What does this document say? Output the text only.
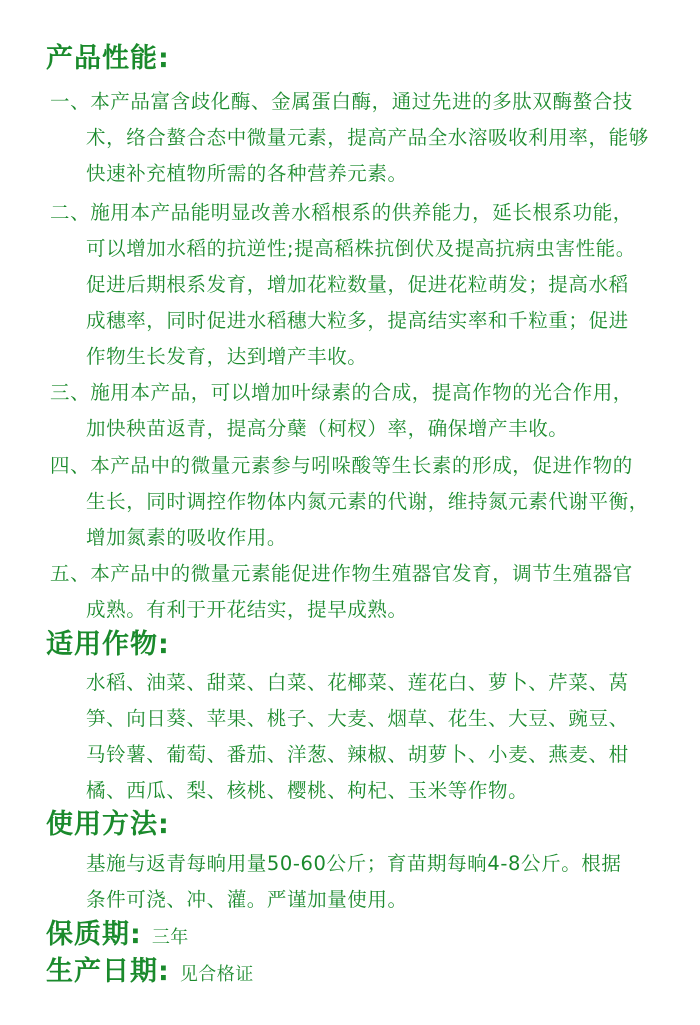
产品性能:
一、本产品富含歧化酶、金属蛋白酶，通过先进的多肽双酶螯合技
术，络合螯合态中微量元素，提高产品全水溶吸收利用率，能够
快速补充植物所需的各种营养元素。
二、施用本产品能明显改善水稻根系的供养能力，延长根系功能，
可以增加水稻的抗逆性;提高稻株抗倒伏及提高抗病虫害性能。
促进后期根系发育，增加花粒数量，促进花粒萌发；提高水稻
成穗率，同时促进水稻穗大粒多，提高结实率和千粒重；促进
作物生长发育，达到增产丰收。
三、施用本产品，可以增加叶绿素的合成，提高作物的光合作用，
加快秧苗返青，提高分蘖（柯杈）率，确保增产丰收。
四、本产品中的微量元素参与吲哚酸等生长素的形成，促进作物的
生长，同时调控作物体内氮元素的代谢，维持氮元素代谢平衡，
增加氮素的吸收作用。
五、本产品中的微量元素能促进作物生殖器官发育，调节生殖器官
成熟。有利于开花结实，提早成熟。
适用作物:
水稻、油菜、甜菜、白菜、花椰菜、莲花白、萝卜、芹菜、莴
笋、向日葵、苹果、桃子、大麦、烟草、花生、大豆、豌豆、
马铃薯、葡萄、番茄、洋葱、辣椒、胡萝卜、小麦、燕麦、柑
橘、西瓜、梨、核桃、樱桃、枸杞、玉米等作物。
使用方法:
基施与返青每晌用量50-60公斤；育苗期每晌4-8公斤。根据
条件可浇、冲、灌。严谨加量使用。
保质期: 三年
生产日期: 见合格证
